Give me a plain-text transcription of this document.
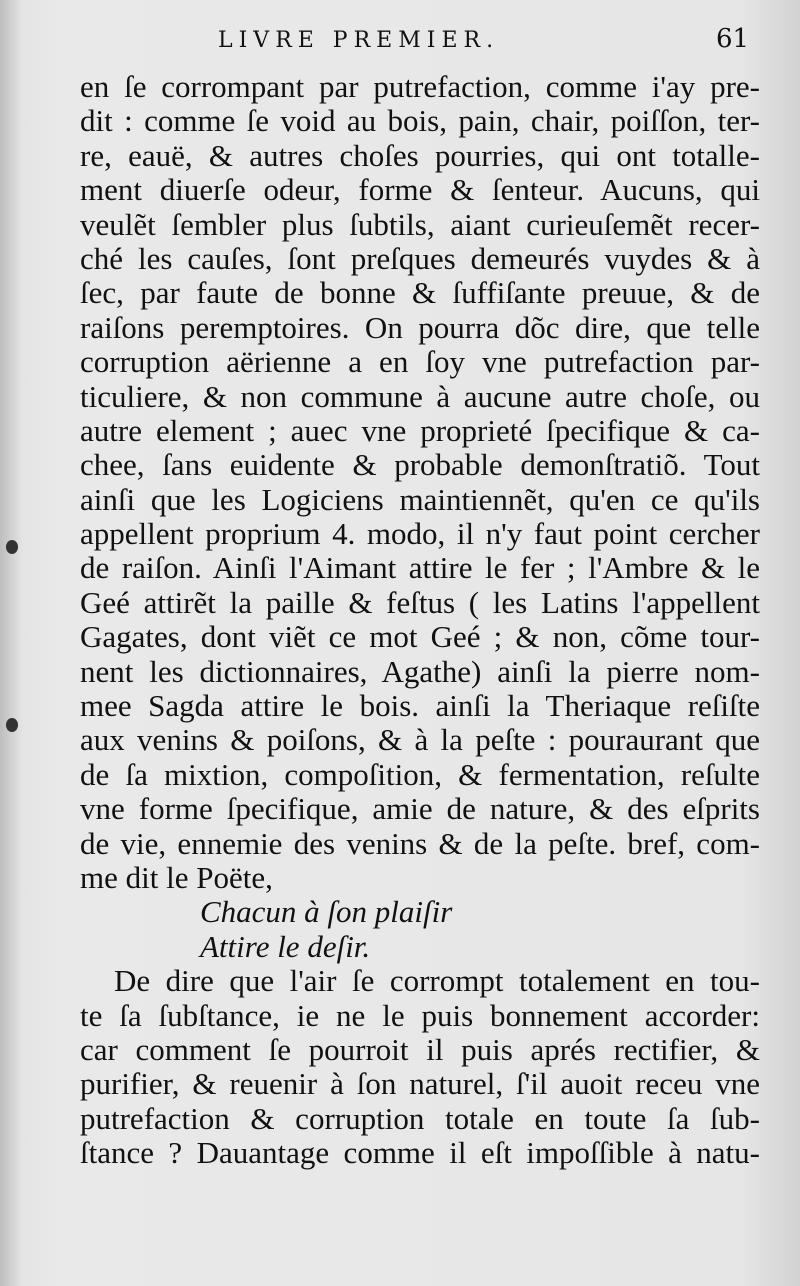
LIVRE PREMIER.	61
en ſe corrompant par putrefaction, comme i'ay pre-
dit : comme ſe void au bois, pain, chair, poiſſon, ter-
re, eauë, & autres choſes pourries, qui ont totalle-
ment diuerſe odeur, forme & ſenteur. Aucuns, qui
veulẽt ſembler plus ſubtils, aiant curieuſemẽt recer-
ché les cauſes, ſont preſques demeurés vuydes & à
ſec, par faute de bonne & ſuffiſante preuue, & de
raiſons peremptoires. On pourra dõc dire, que telle
corruption aërienne a en ſoy vne putrefaction par-
ticuliere, & non commune à aucune autre choſe, ou
autre element ; auec vne proprieté ſpecifique & ca-
chee, ſans euidente & probable demonſtratiõ. Tout
ainſi que les Logiciens maintiennẽt, qu'en ce qu'ils
appellent proprium 4. modo, il n'y faut point cercher
de raiſon. Ainſi l'Aimant attire le fer ; l'Ambre & le
Geé attirẽt la paille & feſtus ( les Latins l'appellent
Gagates, dont viẽt ce mot Geé ; & non, cõme tour-
nent les dictionnaires, Agathe) ainſi la pierre nom-
mee Sagda attire le bois. ainſi la Theriaque reſiſte
aux venins & poiſons, & à la peſte : pouraurant que
de ſa mixtion, compoſition, & fermentation, reſulte
vne forme ſpecifique, amie de nature, & des eſprits
de vie, ennemie des venins & de la peſte. bref, com-
me dit le Poëte,
Chacun à ſon plaiſir
Attire le deſir.
De dire que l'air ſe corrompt totalement en tou-
te ſa ſubſtance, ie ne le puis bonnement accorder:
car comment ſe pourroit il puis aprés rectifier, &
purifier, & reuenir à ſon naturel, ſ'il auoit receu vne
putrefaction & corruption totale en toute ſa ſub-
ſtance ? Dauantage comme il eſt impoſſible à natu-
